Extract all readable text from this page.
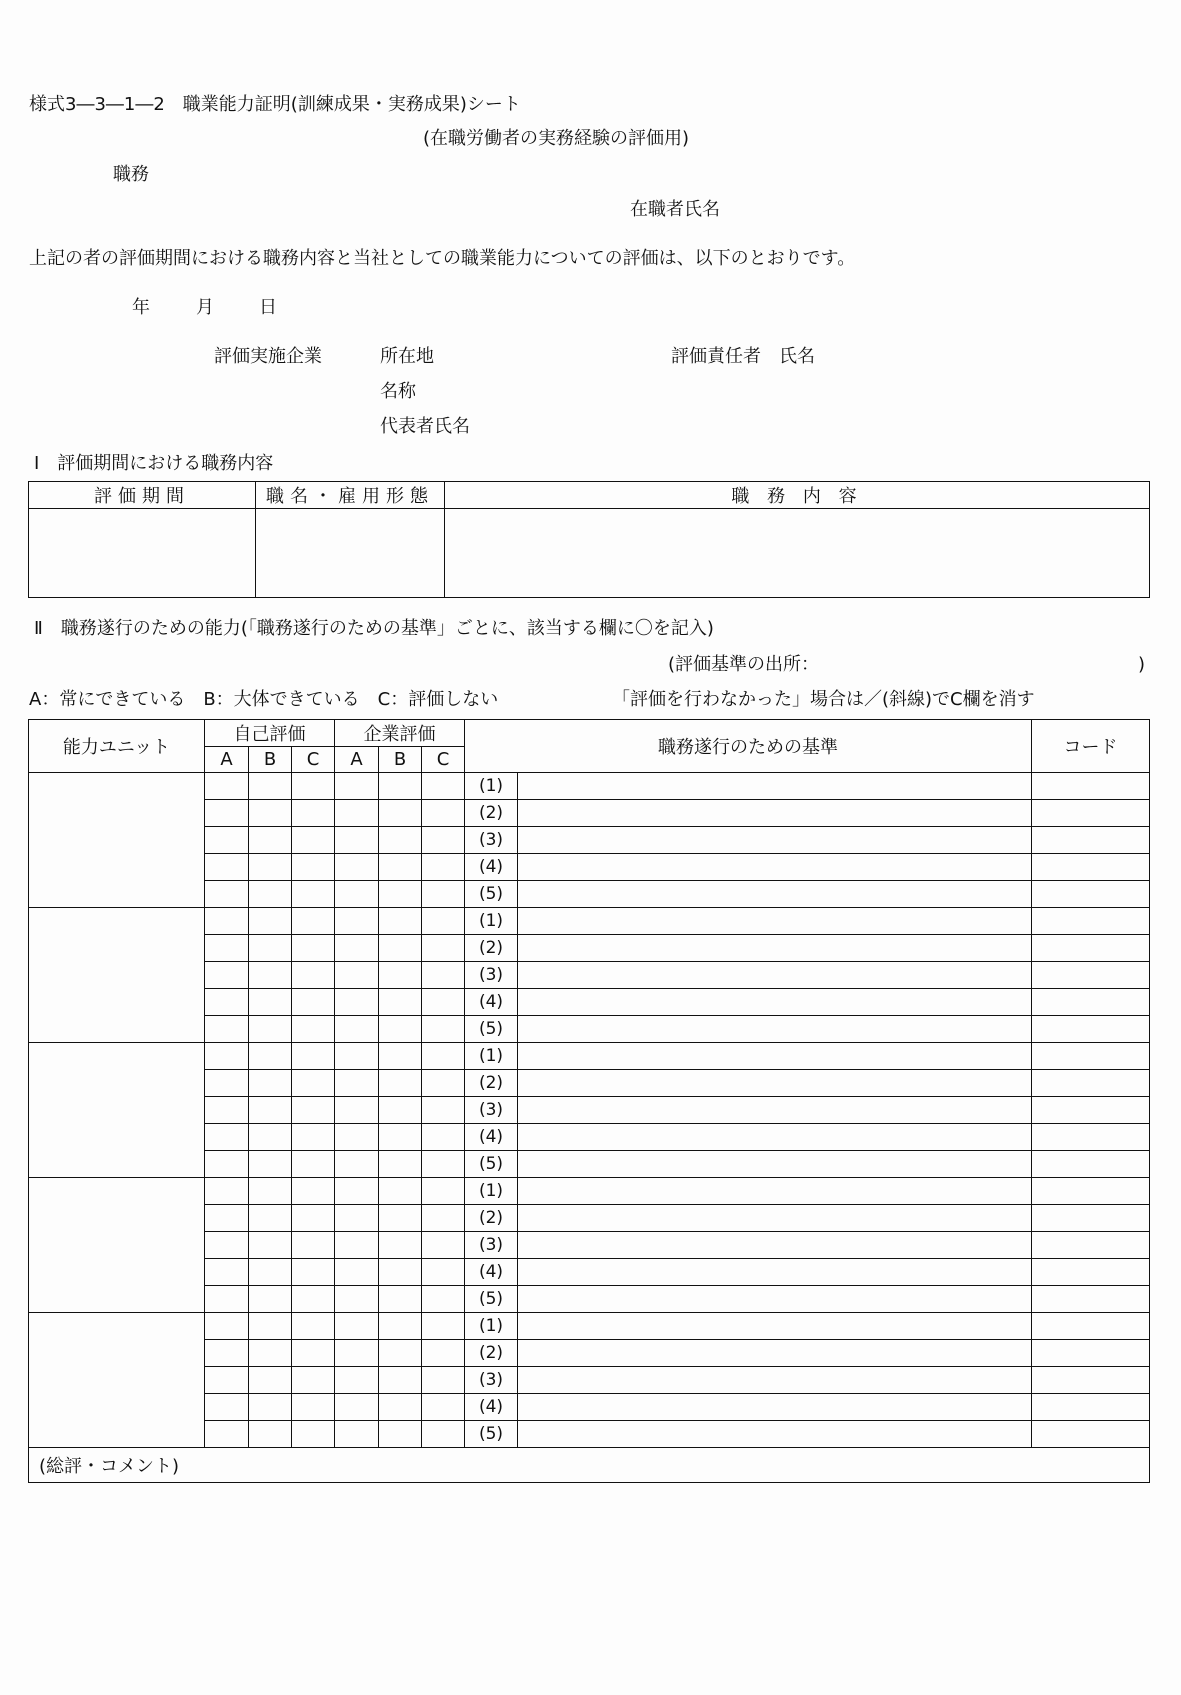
様式3―3―1―2　職業能力証明(訓練成果・実務成果)シート
(在職労働者の実務経験の評価用)
職務
在職者氏名
上記の者の評価期間における職務内容と当社としての職業能力についての評価は、以下のとおりです。
年	月	日
評価実施企業	所在地	評価責任者　氏名
名称
代表者氏名
Ⅰ　評価期間における職務内容
評価期間	職名・雇用形態	職 務 内 容

Ⅱ　職務遂行のための能力(「職務遂行のための基準」ごとに、該当する欄に〇を記入)
(評価基準の出所：	)
A：常にできている　B：大体できている　C：評価しない	「評価を行わなかった」場合は／(斜線)でC欄を消す
能力ユニット	自己評価			企業評価			職務遂行のための基準		コード
	A	B	C	A	B	C			
							(1)		
							(2)		
							(3)		
							(4)		
							(5)		
							(1)		
							(2)		
							(3)		
							(4)		
							(5)		
							(1)		
							(2)		
							(3)		
							(4)		
							(5)		
							(1)		
							(2)		
							(3)		
							(4)		
							(5)		
							(1)		
							(2)		
							(3)		
							(4)		
							(5)		
(総評・コメント)									
